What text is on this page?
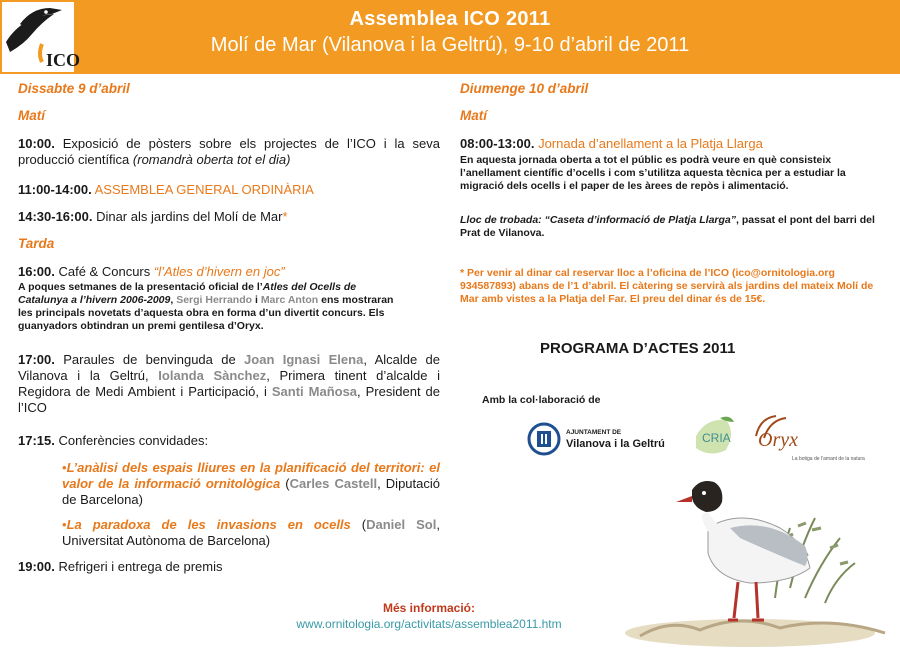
ICO
Assemblea ICO 2011
Molí de Mar (Vilanova i la Geltrú), 9-10 d’abril de 2011
Dissabte 9 d’abril
Matí
10:00. Exposició de pòsters sobre els projectes de l’ICO i la seva producció científica (romandrà oberta tot el dia)
11:00-14:00. ASSEMBLEA GENERAL ORDINÀRIA
14:30-16:00. Dinar als jardins del Molí de Mar*
Tarda
16:00. Café & Concurs “l’Atles d’hivern en joc”
A poques setmanes de la presentació oficial de l’Atles del Ocells de Catalunya a l’hivern 2006-2009, Sergi Herrando i Marc Anton ens mostraran les principals novetats d’aquesta obra en forma d’un divertit concurs. Els guanyadors obtindran un premi gentilesa d’Oryx.
17:00. Paraules de benvinguda de Joan Ignasi Elena, Alcalde de Vilanova i la Geltrú, Iolanda Sànchez, Primera tinent d’alcalde i Regidora de Medi Ambient i Participació, i Santi Mañosa, President de l’ICO
17:15. Conferències convidades:
•L’anàlisi dels espais lliures en la planificació del territori: el valor de la informació ornitològica (Carles Castell, Diputació de Barcelona)
•La paradoxa de les invasions en ocells (Daniel Sol, Universitat Autònoma de Barcelona)
19:00. Refrigeri i entrega de premis
Diumenge 10 d’abril
Matí
08:00-13:00. Jornada d’anellament a la Platja Llarga
En aquesta jornada oberta a tot el públic es podrà veure en què consisteix l’anellament científic d’ocells i com s’utilitza aquesta tècnica per a estudiar la migració dels ocells i el paper de les àrees de repòs i alimentació.
Lloc de trobada: “Caseta d’informació de Platja Llarga”, passat el pont del barri del Prat de Vilanova.
* Per venir al dinar cal reservar lloc a l’oficina de l’ICO (ico@ornitologia.org 934587893) abans de l’1 d’abril. El càtering se servirà als jardins del mateix Molí de Mar amb vistes a la Platja del Far. El preu del dinar és de 15€.
PROGRAMA D’ACTES 2011
Amb la col·laboració de
AJUNTAMENT DE
Vilanova i la Geltrú	CRIA Oryx
La botiga de l’amant de la natura
Més informació:
www.ornitologia.org/activitats/assemblea2011.htm
